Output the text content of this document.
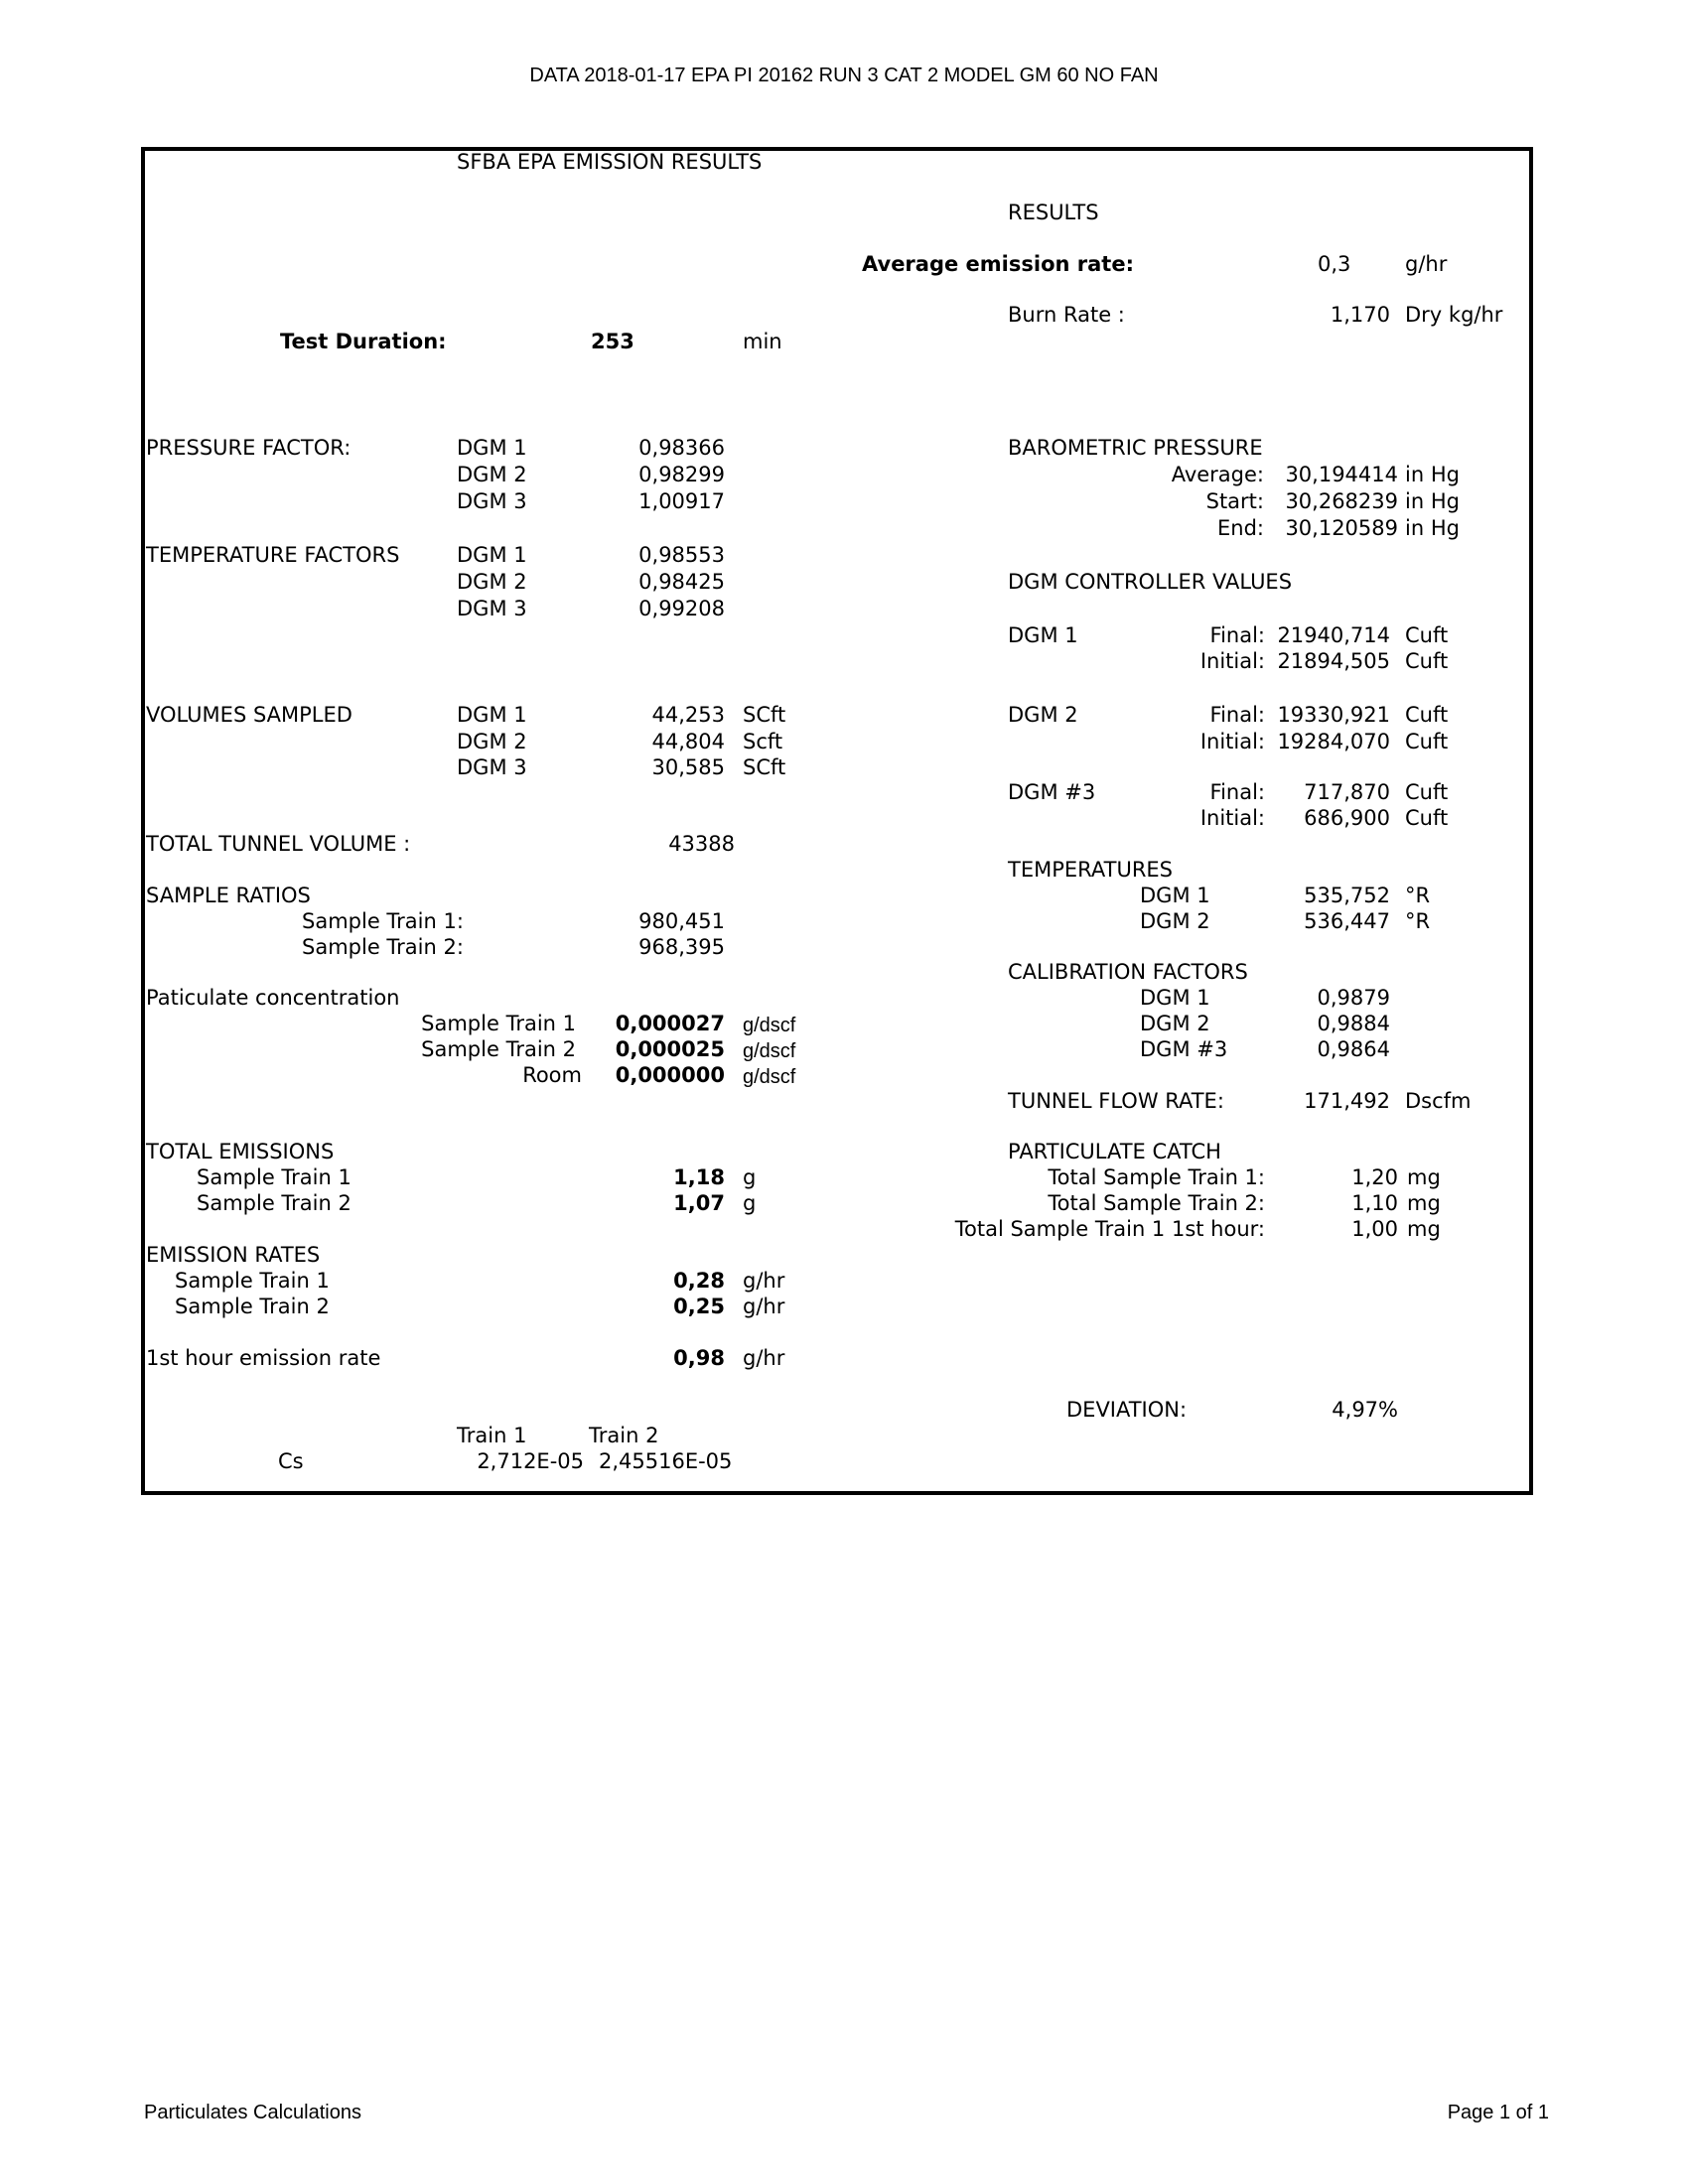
DATA 2018-01-17 EPA PI 20162 RUN 3 CAT 2 MODEL GM 60 NO FAN
SFBA EPA EMISSION RESULTS
Test Duration:	253	min
PRESSURE FACTOR:	DGM 1	0,98366
DGM 2	0,98299
DGM 3	1,00917
TEMPERATURE FACTORS	DGM 1	0,98553
DGM 2	0,98425
DGM 3	0,99208
VOLUMES SAMPLED	DGM 1	44,253 SCft
DGM 2	44,804 Scft
DGM 3	30,585 SCft
TOTAL TUNNEL VOLUME :	43388
SAMPLE RATIOS
Sample Train 1:	980,451
Sample Train 2:	968,395
Paticulate concentration
Sample Train 1	0,000027 g/dscf
Sample Train 2	0,000025 g/dscf
Room	0,000000 g/dscf
TOTAL EMISSIONS
Sample Train 1	1,18 g
Sample Train 2	1,07 g
EMISSION RATES
Sample Train 1	0,28 g/hr
Sample Train 2	0,25 g/hr
1st hour emission rate	0,98 g/hr
Train 1	Train 2
Cs	2,712E-05 2,45516E-05
RESULTS
Average emission rate:	0,3	g/hr
Burn Rate :	1,170 Dry kg/hr
BAROMETRIC PRESSURE
Average:	30,194414 in Hg
Start:	30,268239 in Hg
End:	30,120589 in Hg
DGM CONTROLLER VALUES
DGM 1	Final: 21940,714 Cuft
Initial: 21894,505 Cuft
DGM 2	Final: 19330,921 Cuft
Initial: 19284,070 Cuft
DGM #3	Final:	717,870 Cuft
Initial:	686,900 Cuft
TEMPERATURES
DGM 1	535,752 °R
DGM 2	536,447 °R
CALIBRATION FACTORS
DGM 1	0,9879
DGM 2	0,9884
DGM #3	0,9864
TUNNEL FLOW RATE:	171,492 Dscfm
PARTICULATE CATCH
Total Sample Train 1:	1,20 mg
Total Sample Train 2:	1,10 mg
Total Sample Train 1 1st hour:	1,00 mg
DEVIATION:	4,97%
Particulates Calculations	Page 1 of 1
